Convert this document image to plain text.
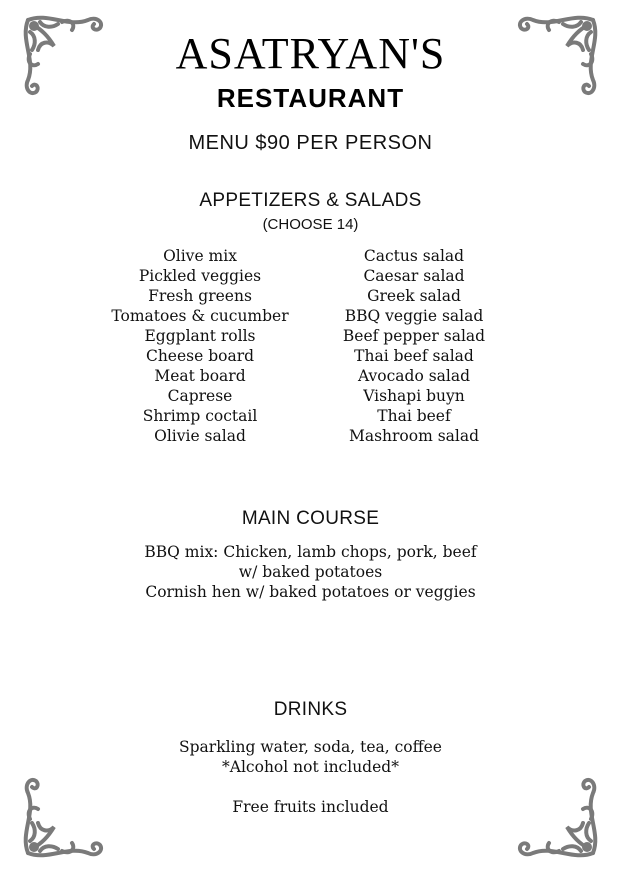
ASATRYAN'S
RESTAURANT
MENU $90 PER PERSON
APPETIZERS & SALADS
(CHOOSE 14)
Olive mix
Pickled veggies
Fresh greens
Tomatoes & cucumber
Eggplant rolls
Cheese board
Meat board
Caprese
Shrimp coctail
Olivie salad
Cactus salad
Caesar salad
Greek salad
BBQ veggie salad
Beef pepper salad
Thai beef salad
Avocado salad
Vishapi buyn
Thai beef
Mashroom salad
MAIN COURSE
BBQ mix: Chicken, lamb chops, pork, beef
w/ baked potatoes
Cornish hen w/ baked potatoes or veggies
DRINKS
Sparkling water, soda, tea, coffee
*Alcohol not included*
Free fruits included
